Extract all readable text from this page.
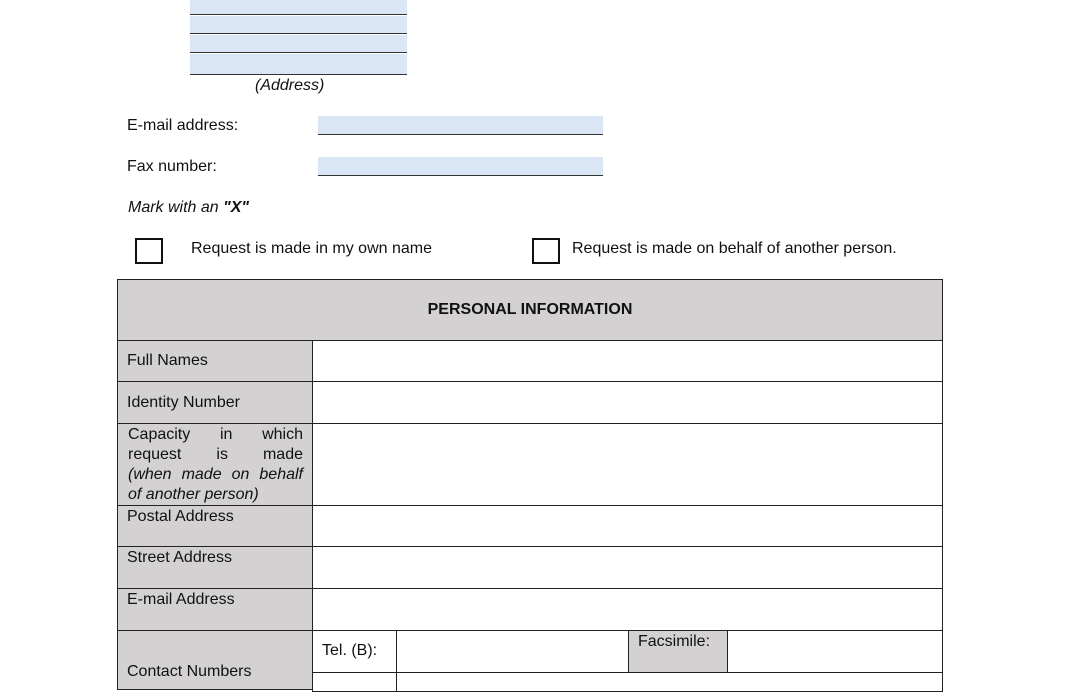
(Address)
E-mail address:
Fax number:
Mark with an "X"
Request is made in my own name	Request is made on behalf of another person.
PERSONAL INFORMATION
Full Names
Identity Number
Capacity in which
request is made
(when made on behalf
of another person)
Postal Address
Street Address
E-mail Address
Contact Numbers
Tel. (B):
Facsimile:
